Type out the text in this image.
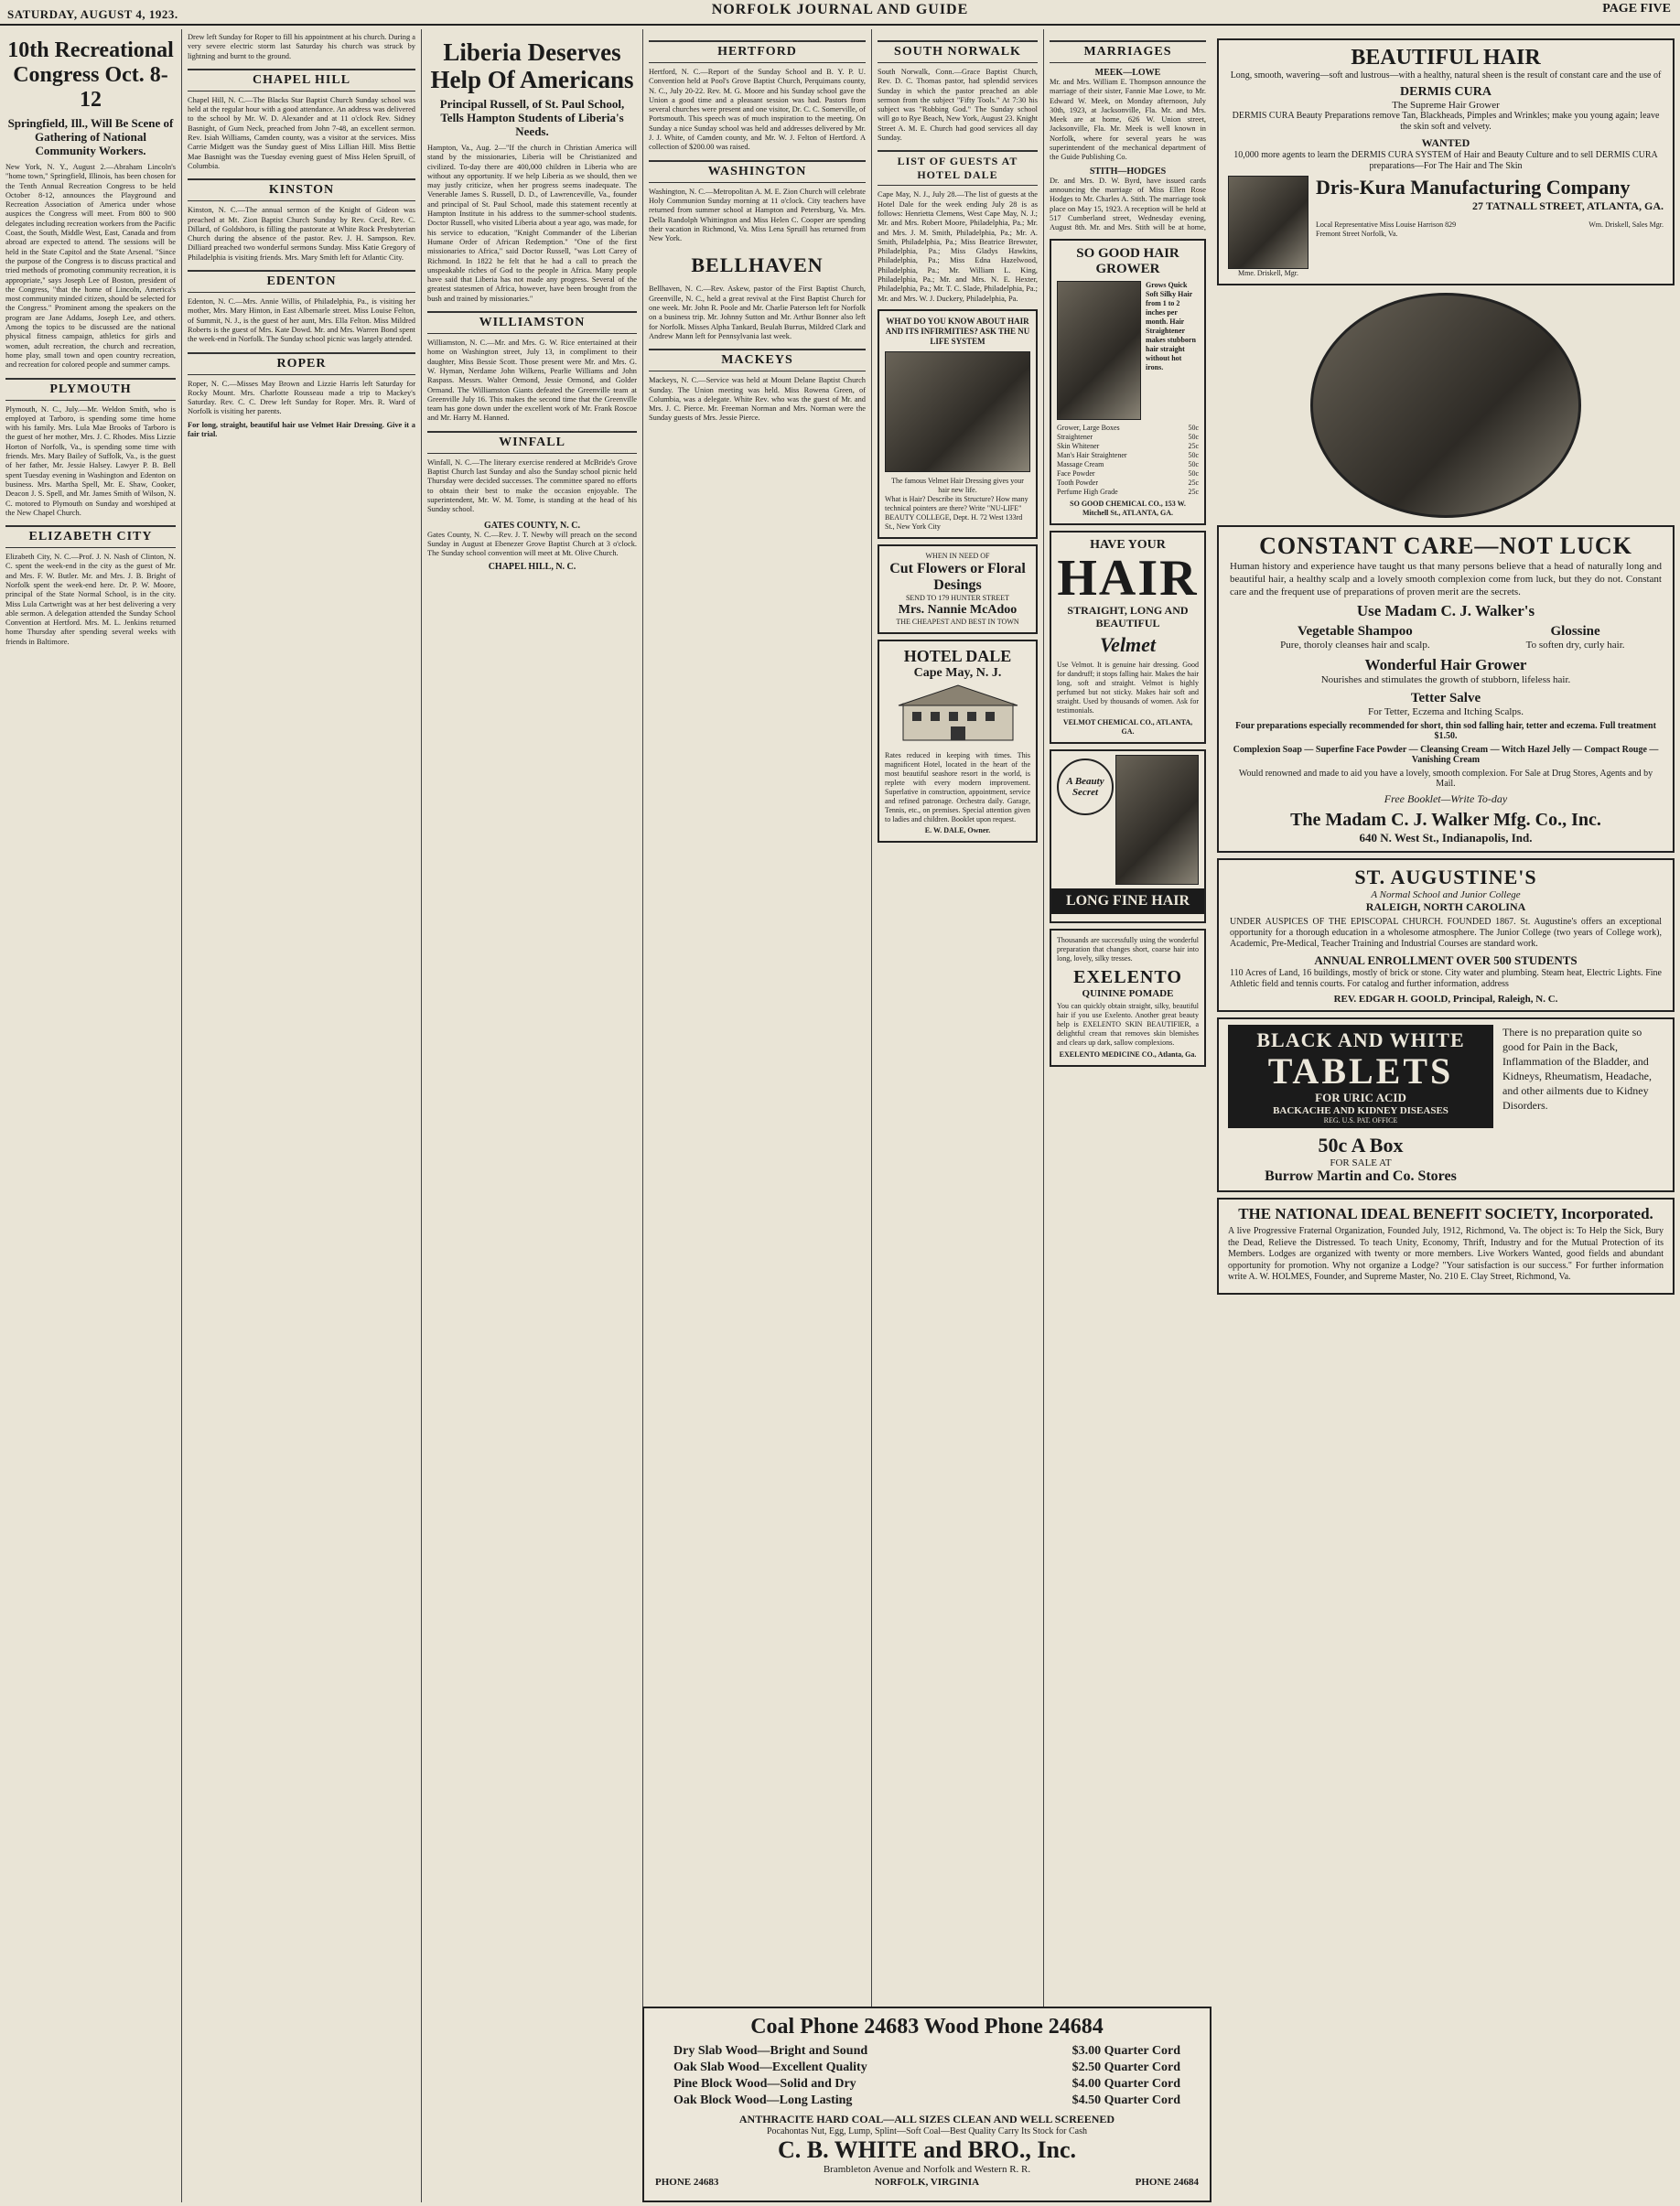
SATURDAY, AUGUST 4, 1923.	NORFOLK JOURNAL AND GUIDE	PAGE FIVE
10th Recreational Congress Oct. 8-12
Springfield, Ill., Will Be Scene of Gathering of National Community Workers.

New York, N. Y., August 2.—Abraham Lincoln's "home town," Springfield, Illinois, has been chosen for the Tenth Annual Recreation Congress to be held October 8-12, announces the Playground and Recreation Association of America under whose auspices the Congress will meet. From 800 to 900 delegates including recreation workers from the Pacific Coast, the South, Middle West, East, Canada and from abroad are expected to attend. The sessions will be held in the State Capitol and the State Arsenal. "Since the purpose of the Congress is to discuss practical and tried methods of promoting community recreation, it is appropriate," says Joseph Lee of Boston, president of the Congress, "that the home of Lincoln, America's most community minded citizen, should be selected for the Congress." Prominent among the speakers on the program are Jane Addams, Joseph Lee, and others. Among the topics to be discussed are the national physical fitness campaign, athletics for girls and women, adult recreation, the church and recreation, home play, small town and open country recreation, and recreation for colored people and summer camps.

PLYMOUTH

Plymouth, N. C., July.—Mr. Weldon Smith, who is employed at Tarboro, is spending some time home with his family. Mrs. Lula Mae Brooks of Tarboro is the guest of her mother, Mrs. J. C. Rhodes. Miss Lizzie Horton of Norfolk, Va., is spending some time with friends. Mrs. Mary Bailey of Suffolk, Va., is the guest of her father, Mr. Jessie Halsey. Lawyer P. B. Bell spent Tuesday evening in Washington and Edenton on business. Mrs. Martha Spell, Mr. E. Shaw, Cooker, Deacon J. S. Spell, and Mr. James Smith of Wilson, N. C. motored to Plymouth on Sunday and worshiped at the New Chapel Church.

ELIZABETH CITY

Elizabeth City, N. C.—Prof. J. N. Nash of Clinton, N. C. spent the week-end in the city as the guest of Mr. and Mrs. F. W. Butler. Mr. and Mrs. J. B. Bright of Norfolk spent the week-end here. Dr. P. W. Moore, principal of the State Normal School, is in the city. Miss Lula Cartwright was at her best delivering a very able sermon. A delegation attended the Sunday School Convention at Hertford. Mrs. M. L. Jenkins returned home Thursday after spending several weeks with friends in Baltimore.

Drew left Sunday for Roper to fill his appointment at his church. During a very severe electric storm last Saturday his church was struck by lightning and burnt to the ground.

CHAPEL HILL

Chapel Hill, N. C.—The Blacks Star Baptist Church Sunday school was held at the regular hour with a good attendance. An address was delivered to the school by Mr. W. D. Alexander and at 11 o'clock Rev. Sidney Basnight, of Gum Neck, preached from John 7-48, an excellent sermon. Rev. Isiah Williams, Camden county, was a visitor at the services. Miss Carrie Midgett was the Sunday guest of Miss Lillian Hill. Miss Bettie Mae Basnight was the Tuesday evening guest of Miss Helen Spruill, of Columbia.

KINSTON

Kinston, N. C.—The annual sermon of the Knight of Gideon was preached at Mt. Zion Baptist Church Sunday by Rev. Cecil, Rev. C. Dillard, of Goldsboro, is filling the pastorate at White Rock Presbyterian Church during the absence of the pastor. Rev. J. H. Sampson. Rev. Dilliard preached two wonderful sermons Sunday. Miss Katie Gregory of Philadelphia is visiting friends. Mrs. Mary Smith left for Atlantic City.

EDENTON

Edenton, N. C.—Mrs. Annie Willis, of Philadelphia, Pa., is visiting her mother, Mrs. Mary Hinton, in East Albemarle street. Miss Louise Felton, of Summit, N. J., is the guest of her aunt, Mrs. Ella Felton. Miss Mildred Roberts is the guest of Mrs. Kate Dowd. Mr. and Mrs. Warren Bond spent the week-end in Norfolk. The Sunday school picnic was largely attended.

ROPER

Roper, N. C.—Misses May Brown and Lizzie Harris left Saturday for Rocky Mount. Mrs. Charlotte Rousseau made a trip to Mackey's Saturday. Rev. C. C. Drew left Sunday for Roper. Mrs. R. Ward of Norfolk is visiting her parents.

For long, straight, beautiful hair use Velmet Hair Dressing. Give it a fair trial.

Liberia Deserves Help Of Americans
Principal Russell, of St. Paul School, Tells Hampton Students of Liberia's Needs.

Hampton, Va., Aug. 2—"If the church in Christian America will stand by the missionaries, Liberia will be Christianized and civilized. To-day there are 400,000 children in Liberia who are without any opportunity. If we help Liberia as we should, then we may justly criticize, when her progress seems inadequate. The Venerable James S. Russell, D. D., of Lawrenceville, Va., founder and principal of St. Paul School, made this statement recently at Hampton Institute in his address to the summer-school students. Doctor Russell, who visited Liberia about a year ago, was made, for his service to education, "Knight Commander of the Liberian Humane Order of African Redemption." "One of the first missionaries to Africa," said Doctor Russell, "was Lott Carey of Richmond. In 1822 he felt that he had a call to preach the unspeakable riches of God to the people in Africa. Many people have said that Liberia has not made any progress. Several of the greatest statesmen of Africa, however, have been brought from the bush and trained by missionaries."

WILLIAMSTON

Williamston, N. C.—Mr. and Mrs. G. W. Rice entertained at their home on Washington street, July 13, in compliment to their daughter, Miss Bessie Scott. Those present were Mr. and Mrs. G. W. Hyman, Nerdame John Wilkens, Pearlie Williams and John Raspass. Messrs. Walter Ormond, Jessie Ormond, and Golder Ormand. The Williamston Giants defeated the Greenville team at Greenville July 16. This makes the second time that the Greenville team has gone down under the excellent work of Mr. Frank Roscoe and Mr. Harry M. Hanned.

WINFALL

Winfall, N. C.—The literary exercise rendered at McBride's Grove Baptist Church last Sunday and also the Sunday school picnic held Thursday were decided successes. The committee spared no efforts to obtain their best to make the occasion enjoyable. The superintendent, Mr. W. M. Tome, is standing at the head of his Sunday school.

GATES COUNTY, N. C.

Gates County, N. C.—Rev. J. T. Newby will preach on the second Sunday in August at Ebenezer Grove Baptist Church at 3 o'clock. The Sunday school convention will meet at Mt. Olive Church.

CHAPEL HILL, N. C.
HERTFORD

Hertford, N. C.—Report of the Sunday School and B. Y. P. U. Convention held at Pool's Grove Baptist Church, Perquimans county, N. C., July 20-22. Rev. M. G. Moore and his Sunday school gave the Union a good time and a pleasant session was had. Pastors from several churches were present and one visitor, Dr. C. C. Somerville, of Portsmouth. This speech was of much inspiration to the meeting. On Sunday a nice Sunday school was held and addresses delivered by Mr. J. J. White, of Camden county, and Mr. W. J. Felton of Hertford. A collection of $200.00 was raised.

WASHINGTON

Washington, N. C.—Metropolitan A. M. E. Zion Church will celebrate Holy Communion Sunday morning at 11 o'clock. City teachers have returned from summer school at Hampton and Petersburg, Va. Mrs. Della Randolph Whittington and Miss Helen C. Cooper are spending their vacation in Richmond, Va. Miss Lena Spruill has returned from New York.

BELLHAVEN

Bellhaven, N. C.—Rev. Askew, pastor of the First Baptist Church, Greenville, N. C., held a great revival at the First Baptist Church for one week. Mr. John R. Poole and Mr. Charlie Paterson left for Norfolk on a business trip. Mr. Johnny Sutton and Mr. Arthur Bonner also left for Norfolk. Misses Alpha Tankard, Beulah Burrus, Mildred Clark and Andrew Mann left for Pennsylvania last week.

MACKEYS

Mackeys, N. C.—Service was held at Mount Delane Baptist Church Sunday. The Union meeting was held. Miss Rowena Green, of Columbia, was a delegate. White Rev. who was the guest of Mr. and Mrs. J. C. Pierce. Mr. Freeman Norman and Mrs. Norman were the Sunday guests of Mrs. Jessie Pierce.

SOUTH NORWALK

South Norwalk, Conn.—Grace Baptist Church, Rev. D. C. Thomas pastor, had splendid services Sunday in which the pastor preached an able sermon from the subject "Fifty Tools." At 7:30 his subject was "Robbing God." The Sunday school will go to Rye Beach, New York, August 23. Knight Street A. M. E. Church had good services all day Sunday.

LIST OF GUESTS AT HOTEL DALE

Cape May, N. J., July 28.—The list of guests at the Hotel Dale for the week ending July 28 is as follows: Henrietta Clemens, West Cape May, N. J.; Mr. and Mrs. Robert Moore, Philadelphia, Pa.; Mr. and Mrs. J. M. Smith, Philadelphia, Pa.; Mr. A. Smith, Philadelphia, Pa.; Miss Beatrice Brewster, Philadelphia, Pa.; Miss Gladys Hawkins, Philadelphia, Pa.; Miss Edna Hazelwood, Philadelphia, Pa.; Mr. William L. King, Philadelphia, Pa.; Mr. and Mrs. N. E. Hexter, Philadelphia, Pa.; Mr. T. C. Slade, Philadelphia, Pa.; Mr. and Mrs. W. J. Duckery, Philadelphia, Pa.

WHAT DO YOU KNOW ABOUT HAIR AND ITS INFIRMITIES? ASK THE NU LIFE SYSTEM
The famous Velmet Hair Dressing gives your hair new life.
What is Hair? Describe its Structure? How many technical pointers are there? Write "NU-LIFE" BEAUTY COLLEGE, Dept. H. 72 West 133rd St., New York City
WHEN IN NEED OF
Cut Flowers or Floral Desings
SEND TO 179 HUNTER STREET
Mrs. Nannie McAdoo
THE CHEAPEST AND BEST IN TOWN
HOTEL DALE
Cape May, N. J.

Rates reduced in keeping with times. This magnificent Hotel, located in the heart of the most beautiful seashore resort in the world, is replete with every modern improvement. Superlative in construction, appointment, service and refined patronage. Orchestra daily. Garage, Tennis, etc., on premises. Special attention given to ladies and children. Booklet upon request.

E. W. DALE, Owner.
MARRIAGES
MEEK—LOWE

Mr. and Mrs. William E. Thompson announce the marriage of their sister, Fannie Mae Lowe, to Mr. Edward W. Meek, on Monday afternoon, July 30th, 1923, at Jacksonville, Fla. Mr. and Mrs. Meek are at home, 626 W. Union street, Jacksonville, Fla. Mr. Meek is well known in Norfolk, where for several years he was superintendent of the mechanical department of the Guide Publishing Co.

STITH—HODGES

Dr. and Mrs. D. W. Byrd, have issued cards announcing the marriage of Miss Ellen Rose Hodges to Mr. Charles A. Stith. The marriage took place on May 15, 1923. A reception will be held at 517 Cumberland street, Wednesday evening, August 8th. Mr. and Mrs. Stith will be at home,

SO GOOD HAIR GROWER
Grows Quick Soft Silky Hair from 1 to 2 inches per month. Hair Straightener makes stubborn hair straight without hot irons.
Grower, Large Boxes	50c
Straightener	50c
Skin Whitener	25c
Man's Hair Straightener	50c
Massage Cream	50c
Face Powder	50c
Tooth Powder	25c
Perfume High Grade	25c
SO GOOD CHEMICAL CO., 153 W. Mitchell St., ATLANTA, GA.
HAVE YOUR
HAIR
STRAIGHT, LONG AND BEAUTIFUL
Velmet

Use Velmot. It is genuine hair dressing. Good for dandruff; it stops falling hair. Makes the hair long, soft and straight. Velmot is highly perfumed but not sticky. Makes hair soft and straight. Used by thousands of women. Ask for testimonials.

VELMOT CHEMICAL CO., ATLANTA, GA.
A Beauty Secret
LONG FINE HAIR

Thousands are successfully using the wonderful preparation that changes short, coarse hair into long, lovely, silky tresses.

EXELENTO
QUININE POMADE

You can quickly obtain straight, silky, beautiful hair if you use Exelento. Another great beauty help is EXELENTO SKIN BEAUTIFIER, a delightful cream that removes skin blemishes and clears up dark, sallow complexions.

EXELENTO MEDICINE CO., Atlanta, Ga.
Coal Phone 24683 Wood Phone 24684
Dry Slab Wood—Bright and Sound	$3.00 Quarter Cord
Oak Slab Wood—Excellent Quality	$2.50 Quarter Cord
Pine Block Wood—Solid and Dry	$4.00 Quarter Cord
Oak Block Wood—Long Lasting	$4.50 Quarter Cord
ANTHRACITE HARD COAL—ALL SIZES CLEAN AND WELL SCREENED
Pocahontas Nut, Egg, Lump, Splint—Soft Coal—Best Quality Carry Its Stock for Cash
C. B. WHITE and BRO., Inc.
Brambleton Avenue and Norfolk and Western R. R.
PHONE 24683	NORFOLK, VIRGINIA	PHONE 24684
BEAUTIFUL HAIR

Long, smooth, wavering—soft and lustrous—with a healthy, natural sheen is the result of constant care and the use of

DERMIS CURA
The Supreme Hair Grower

DERMIS CURA Beauty Preparations remove Tan, Blackheads, Pimples and Wrinkles; make you young again; leave the skin soft and velvety.

WANTED

10,000 more agents to learn the DERMIS CURA SYSTEM of Hair and Beauty Culture and to sell DERMIS CURA preparations—For The Hair and The Skin

Mme. Driskell, Mgr.
Dris-Kura Manufacturing Company
27 TATNALL STREET, ATLANTA, GA.
Local Representative Miss Louise Harrison 829 Fremont Street Norfolk, Va.
Wm. Driskell, Sales Mgr.
CONSTANT CARE—NOT LUCK

Human history and experience have taught us that many persons believe that a head of naturally long and beautiful hair, a healthy scalp and a lovely smooth complexion come from luck, but they do not. Constant care and the frequent use of preparations of proven merit are the secrets.

Use Madam C. J. Walker's
Vegetable Shampoo
Pure, thoroly cleanses hair and scalp.
Glossine
To soften dry, curly hair.
Wonderful Hair Grower
Nourishes and stimulates the growth of stubborn, lifeless hair.
Tetter Salve
For Tetter, Eczema and Itching Scalps.
Four preparations especially recommended for short, thin sod falling hair, tetter and eczema. Full treatment $1.50.
Complexion Soap — Superfine Face Powder — Cleansing Cream — Witch Hazel Jelly — Compact Rouge — Vanishing Cream
Would renowned and made to aid you have a lovely, smooth complexion. For Sale at Drug Stores, Agents and by Mail.
Free Booklet—Write To-day
The Madam C. J. Walker Mfg. Co., Inc.
640 N. West St., Indianapolis, Ind.
ST. AUGUSTINE'S
A Normal School and Junior College
RALEIGH, NORTH CAROLINA

UNDER AUSPICES OF THE EPISCOPAL CHURCH. FOUNDED 1867. St. Augustine's offers an exceptional opportunity for a thorough education in a wholesome atmosphere. The Junior College (two years of College work), Academic, Pre-Medical, Teacher Training and Industrial Courses are standard work.

ANNUAL ENROLLMENT OVER 500 STUDENTS

110 Acres of Land, 16 buildings, mostly of brick or stone. City water and plumbing. Steam heat, Electric Lights. Fine Athletic field and tennis courts. For catalog and further information, address

REV. EDGAR H. GOOLD, Principal, Raleigh, N. C.
BLACK AND WHITE
TABLETS
FOR URIC ACID
BACKACHE AND KIDNEY DISEASES
REG. U.S. PAT. OFFICE
50c A Box
FOR SALE AT
Burrow Martin and Co. Stores

There is no preparation quite so good for Pain in the Back, Inflammation of the Bladder, and Kidneys, Rheumatism, Headache, and other ailments due to Kidney Disorders.

THE NATIONAL IDEAL BENEFIT SOCIETY, Incorporated.

A live Progressive Fraternal Organization, Founded July, 1912, Richmond, Va. The object is: To Help the Sick, Bury the Dead, Relieve the Distressed. To teach Unity, Economy, Thrift, Industry and for the Mutual Protection of its Members. Lodges are organized with twenty or more members. Live Workers Wanted, good fields and abundant opportunity for promotion. Why not organize a Lodge? "Your satisfaction is our success." For further information write A. W. HOLMES, Founder, and Supreme Master, No. 210 E. Clay Street, Richmond, Va.
